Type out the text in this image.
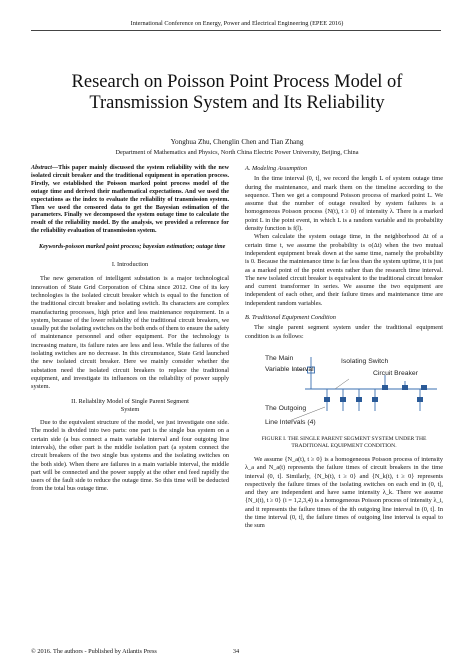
International Conference on Energy, Power and Electrical Engineering (EPEE 2016)
Research on Poisson Point Process Model of
Transmission System and Its Reliability
Yonghua Zhu, Chenglin Chen and Tian Zhang
Department of Mathematics and Physics, North China Electric Power University, Beijing, China

Abstract—This paper mainly discussed the system reliability with the new isolated circuit breaker and the traditional equipment in operation process. Firstly, we established the Poisson marked point process model of the outage time and derived their mathematical expectations. And we used the expectations as the index to evaluate the reliability of transmission system. Then we used the censored data to get the Bayesian estimation of the parameters. Finally we decomposed the system outage time to calculate the result of the reliability model. By the analysis, we provided a reference for the reliability evaluation of transmission system.

Keywords-poisson marked point process; bayesian estimation; outage time

I. Introduction

The new generation of intelligent substation is a major technological innovation of State Grid Corporation of China since 2012. One of its key technologies is the isolated circuit breaker which is equal to the function of the traditional circuit breaker and isolating switch. Its characters are complex manufacturing processes, high price and less maintenance requirement. In a system, because of the lower reliability of the traditional circuit breakers, we usually put the isolating switches on the both ends of them to ensure the safety of maintenance personnel and other equipment. For the technology is increasing mature, its failure rates are less and less. While the failures of the isolating switches are no decrease. In this circumstance, State Grid launched the new isolated circuit breaker. Here we mainly consider whether the substation need the isolated circuit breakers to replace the traditional equipment, and investigate its influences on the reliability of power supply system.

II. Reliability Model of Single Parent Segment
System

Due to the equivalent structure of the model, we just investigate one side. The model is divided into two parts: one part is the single bus system on a certain side (a bus connect a main variable interval and four outgoing line intervals), the other part is the middle isolation part (a system connect the circuit breakers of the two single bus systems and the isolating switches on the both side). When there are failures in a main variable interval, the middle part will be connected and the power supply at the other end feed rapidly the users of the fault side to reduce the outage time. So this time will be deducted from the total bus outage time.

A. Modeling Assumption

In the time interval (0, t], we record the length L of system outage time during the maintenance, and mark them on the timeline according to the sequence. Then we get a compound Poisson process of marked point L. We assume that the number of outage resulted by system failures is a homogeneous Poisson process {N(t), t ≥ 0} of intensity λ. There is a marked point L in the point event, in which L is a random variable and its probability density function is f(l).

When calculate the system outage time, in the neighborhood Δt of a certain time t, we assume the probability is o(Δt) when the two mutual independent equipment break down at the same time, namely the probability is 0. Because the maintenance time is far less than the system uptime, it is just as a marked point of the point events rather than the research time interval. The new isolated circuit breaker is equivalent to the traditional circuit breaker and current transformer in series. We assume the two equipment are independent of each other, and their failure times and maintenance time are independent random variables.

B. Traditional Equipment Condition

The single parent segment system under the traditional equipment condition is as follows:

The Main
Variable Interval
Isolating Switch
Circuit Breaker
The Outgoing
Line Intervals (4)

FIGURE I. THE SINGLE PARENT SEGMENT SYSTEM UNDER THE
TRADITIONAL EQUIPMENT CONDITION.

We assume {N_a(t), t ≥ 0} is a homogeneous Poisson process of intensity λ_a and N_a(t) represents the failure times of circuit breakers in the time interval (0, t]. Similarly, {N_b(t), t ≥ 0} and {N_k(t), t ≥ 0} represents respectively the failure times of the isolating switches on each end in (0, t], and they are independent and have same intensity λ_k. There we assume {N_i(t), t ≥ 0} (i = 1,2,3,4) is a homogeneous Poisson process of intensity λ_i, and it represents the failure times of the ith outgoing line interval in (0, t]. In the time interval (0, t], the failure times of outgoing line interval is equal to the sum

© 2016. The authors - Published by Atlantis Press	34
